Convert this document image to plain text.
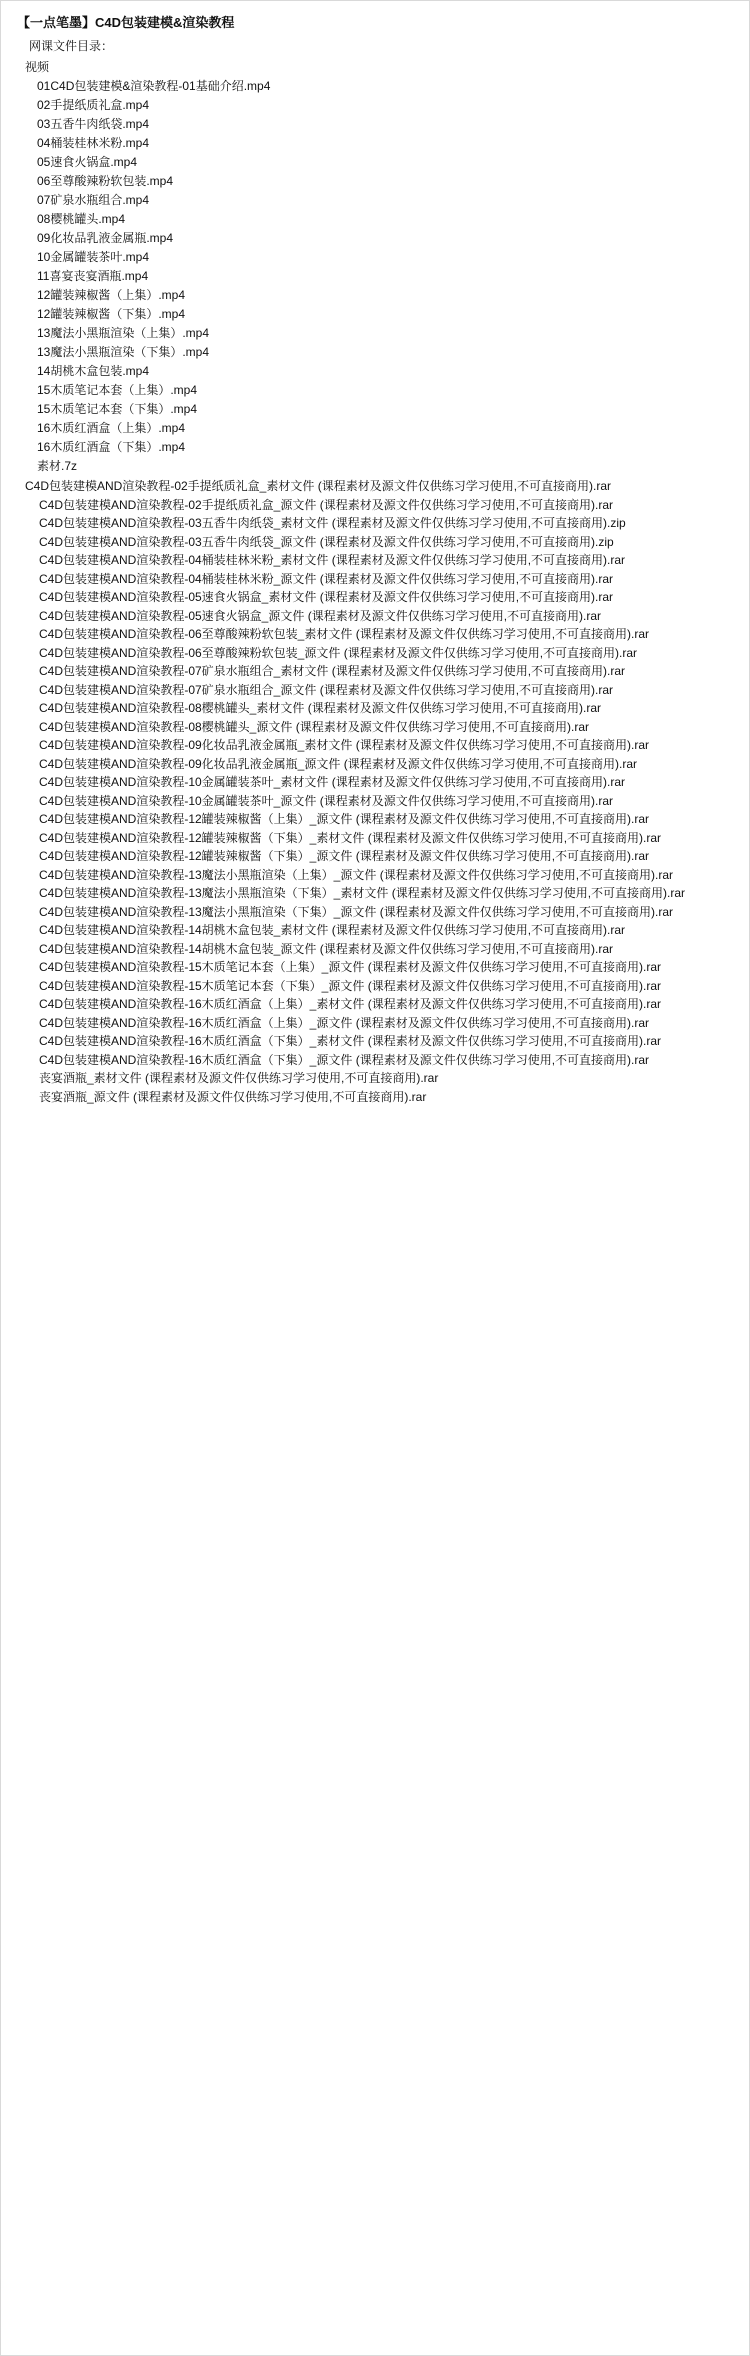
【一点笔墨】C4D包装建模&渲染教程
网课文件目录：
视频
01C4D包装建模&渲染教程-01基础介绍.mp4
02手提纸质礼盒.mp4
03五香牛肉纸袋.mp4
04桶装桂林米粉.mp4
05速食火锅盒.mp4
06至尊酸辣粉软包装.mp4
07矿泉水瓶组合.mp4
08樱桃罐头.mp4
09化妆品乳液金属瓶.mp4
10金属罐装茶叶.mp4
11喜宴丧宴酒瓶.mp4
12罐装辣椒酱（上集）.mp4
12罐装辣椒酱（下集）.mp4
13魔法小黑瓶渲染（上集）.mp4
13魔法小黑瓶渲染（下集）.mp4
14胡桃木盒包装.mp4
15木质笔记本套（上集）.mp4
15木质笔记本套（下集）.mp4
16木质红酒盒（上集）.mp4
16木质红酒盒（下集）.mp4
素材.7z

C4D包装建模AND渲染教程-02手提纸质礼盒_素材文件 (课程素材及源文件仅供练习学习使用,不可直接商用).rar

C4D包装建模AND渲染教程-02手提纸质礼盒_源文件 (课程素材及源文件仅供练习学习使用,不可直接商用).rar

C4D包装建模AND渲染教程-03五香牛肉纸袋_素材文件 (课程素材及源文件仅供练习学习使用,不可直接商用).zip

C4D包装建模AND渲染教程-03五香牛肉纸袋_源文件 (课程素材及源文件仅供练习学习使用,不可直接商用).zip

C4D包装建模AND渲染教程-04桶装桂林米粉_素材文件 (课程素材及源文件仅供练习学习使用,不可直接商用).rar

C4D包装建模AND渲染教程-04桶装桂林米粉_源文件 (课程素材及源文件仅供练习学习使用,不可直接商用).rar

C4D包装建模AND渲染教程-05速食火锅盒_素材文件 (课程素材及源文件仅供练习学习使用,不可直接商用).rar

C4D包装建模AND渲染教程-05速食火锅盒_源文件 (课程素材及源文件仅供练习学习使用,不可直接商用).rar

C4D包装建模AND渲染教程-06至尊酸辣粉软包装_素材文件 (课程素材及源文件仅供练习学习使用,不可直接商用).rar

C4D包装建模AND渲染教程-06至尊酸辣粉软包装_源文件 (课程素材及源文件仅供练习学习使用,不可直接商用).rar

C4D包装建模AND渲染教程-07矿泉水瓶组合_素材文件 (课程素材及源文件仅供练习学习使用,不可直接商用).rar

C4D包装建模AND渲染教程-07矿泉水瓶组合_源文件 (课程素材及源文件仅供练习学习使用,不可直接商用).rar

C4D包装建模AND渲染教程-08樱桃罐头_素材文件 (课程素材及源文件仅供练习学习使用,不可直接商用).rar

C4D包装建模AND渲染教程-08樱桃罐头_源文件 (课程素材及源文件仅供练习学习使用,不可直接商用).rar

C4D包装建模AND渲染教程-09化妆品乳液金属瓶_素材文件 (课程素材及源文件仅供练习学习使用,不可直接商用).rar

C4D包装建模AND渲染教程-09化妆品乳液金属瓶_源文件 (课程素材及源文件仅供练习学习使用,不可直接商用).rar

C4D包装建模AND渲染教程-10金属罐装茶叶_素材文件 (课程素材及源文件仅供练习学习使用,不可直接商用).rar

C4D包装建模AND渲染教程-10金属罐装茶叶_源文件 (课程素材及源文件仅供练习学习使用,不可直接商用).rar

C4D包装建模AND渲染教程-12罐装辣椒酱（上集）_源文件 (课程素材及源文件仅供练习学习使用,不可直接商用).rar

C4D包装建模AND渲染教程-12罐装辣椒酱（下集）_素材文件 (课程素材及源文件仅供练习学习使用,不可直接商用).rar

C4D包装建模AND渲染教程-12罐装辣椒酱（下集）_源文件 (课程素材及源文件仅供练习学习使用,不可直接商用).rar

C4D包装建模AND渲染教程-13魔法小黑瓶渲染（上集）_源文件 (课程素材及源文件仅供练习学习使用,不可直接商用).rar

C4D包装建模AND渲染教程-13魔法小黑瓶渲染（下集）_素材文件 (课程素材及源文件仅供练习学习使用,不可直接商用).rar

C4D包装建模AND渲染教程-13魔法小黑瓶渲染（下集）_源文件 (课程素材及源文件仅供练习学习使用,不可直接商用).rar

C4D包装建模AND渲染教程-14胡桃木盒包装_素材文件 (课程素材及源文件仅供练习学习使用,不可直接商用).rar

C4D包装建模AND渲染教程-14胡桃木盒包装_源文件 (课程素材及源文件仅供练习学习使用,不可直接商用).rar

C4D包装建模AND渲染教程-15木质笔记本套（上集）_源文件 (课程素材及源文件仅供练习学习使用,不可直接商用).rar

C4D包装建模AND渲染教程-15木质笔记本套（下集）_源文件 (课程素材及源文件仅供练习学习使用,不可直接商用).rar

C4D包装建模AND渲染教程-16木质红酒盒（上集）_素材文件 (课程素材及源文件仅供练习学习使用,不可直接商用).rar

C4D包装建模AND渲染教程-16木质红酒盒（上集）_源文件 (课程素材及源文件仅供练习学习使用,不可直接商用).rar

C4D包装建模AND渲染教程-16木质红酒盒（下集）_素材文件 (课程素材及源文件仅供练习学习使用,不可直接商用).rar

C4D包装建模AND渲染教程-16木质红酒盒（下集）_源文件 (课程素材及源文件仅供练习学习使用,不可直接商用).rar

丧宴酒瓶_素材文件 (课程素材及源文件仅供练习学习使用,不可直接商用).rar

丧宴酒瓶_源文件 (课程素材及源文件仅供练习学习使用,不可直接商用).rar
